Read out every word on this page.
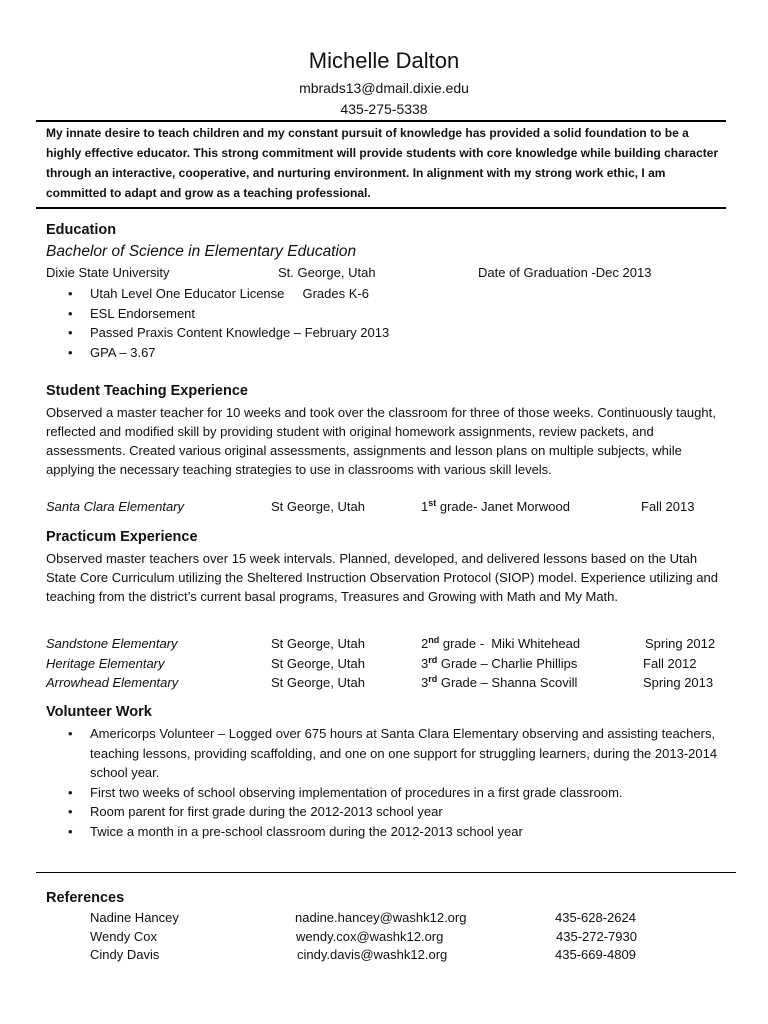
Michelle Dalton
mbrads13@dmail.dixie.edu
435-275-5338
My innate desire to teach children and my constant pursuit of knowledge has provided a solid foundation to be a highly effective educator. This strong commitment will provide students with core knowledge while building character through an interactive, cooperative, and nurturing environment. In alignment with my strong work ethic, I am committed to adapt and grow as a teaching professional.
Education
Bachelor of Science in Elementary Education
Dixie State University	St. George, Utah	Date of Graduation -Dec 2013
• Utah Level One Educator License     Grades K-6
• ESL Endorsement
• Passed Praxis Content Knowledge – February 2013
• GPA – 3.67
Student Teaching Experience
Observed a master teacher for 10 weeks and took over the classroom for three of those weeks. Continuously taught, reflected and modified skill by providing student with original homework assignments, review packets, and assessments. Created various original assessments, assignments and lesson plans on multiple subjects, while applying the necessary teaching strategies to use in classrooms with various skill levels.
Santa Clara Elementary	St George, Utah	1st grade- Janet Morwood	Fall 2013
Practicum Experience
Observed master teachers over 15 week intervals. Planned, developed, and delivered lessons based on the Utah State Core Curriculum utilizing the Sheltered Instruction Observation Protocol (SIOP) model. Experience utilizing and teaching from the district’s current basal programs, Treasures and Growing with Math and My Math.
Sandstone Elementary	St George, Utah	2nd grade -  Miki Whitehead	Spring 2012
Heritage Elementary	St George, Utah	3rd Grade – Charlie Phillips	Fall 2012
Arrowhead Elementary	St George, Utah	3rd Grade – Shanna Scovill	Spring 2013
Volunteer Work
• Americorps Volunteer – Logged over 675 hours at Santa Clara Elementary observing and assisting teachers, teaching lessons, providing scaffolding, and one on one support for struggling learners, during the 2013-2014 school year.
• First two weeks of school observing implementation of procedures in a first grade classroom.
• Room parent for first grade during the 2012-2013 school year
• Twice a month in a pre-school classroom during the 2012-2013 school year
References
Nadine Hancey	nadine.hancey@washk12.org	435-628-2624
Wendy Cox	wendy.cox@washk12.org	435-272-7930
Cindy Davis	cindy.davis@washk12.org	435-669-4809
